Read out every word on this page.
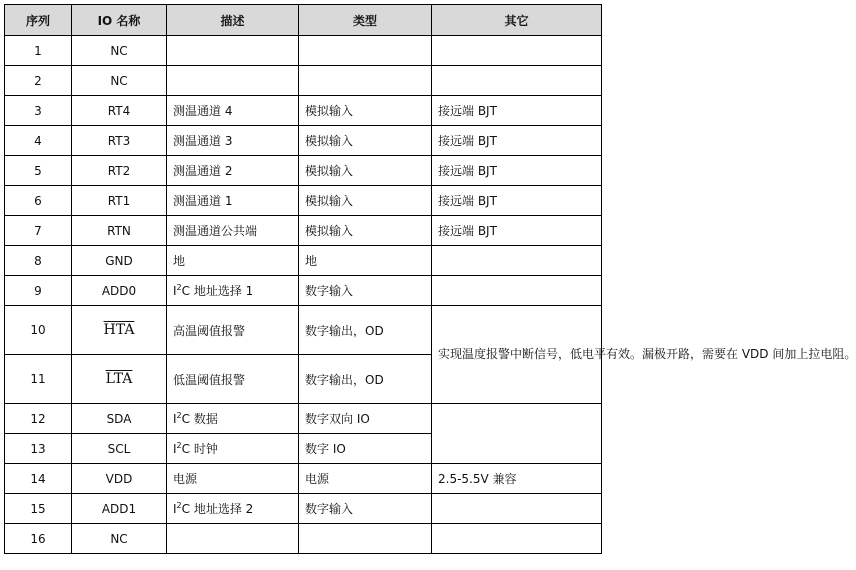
序列	IO 名称	描述	类型	其它
1	NC			
2	NC			
3	RT4	测温通道 4	模拟输入	接远端 BJT
4	RT3	测温通道 3	模拟输入	接远端 BJT
5	RT2	测温通道 2	模拟输入	接远端 BJT
6	RT1	测温通道 1	模拟输入	接远端 BJT
7	RTN	测温通道公共端	模拟输入	接远端 BJT
8	GND	地	地	
9	ADD0	$I^2C$ 地址选择 1	数字输入	
10	$\overline{HTA}$	高温阈值报警	数字输出，OD	实现温度报警中断信号，低电平有效。漏极开路，需要在 VDD 间加上拉电阻。
11	$\overline{LTA}$	低温阈值报警	数字输出，OD	
12	SDA	$I^2C$ 数据	数字双向 IO	
13	SCL	$I^2C$ 时钟	数字 IO	
14	VDD	电源	电源	2.5-5.5V 兼容
15	ADD1	$I^2C$ 地址选择 2	数字输入	
16	NC			
